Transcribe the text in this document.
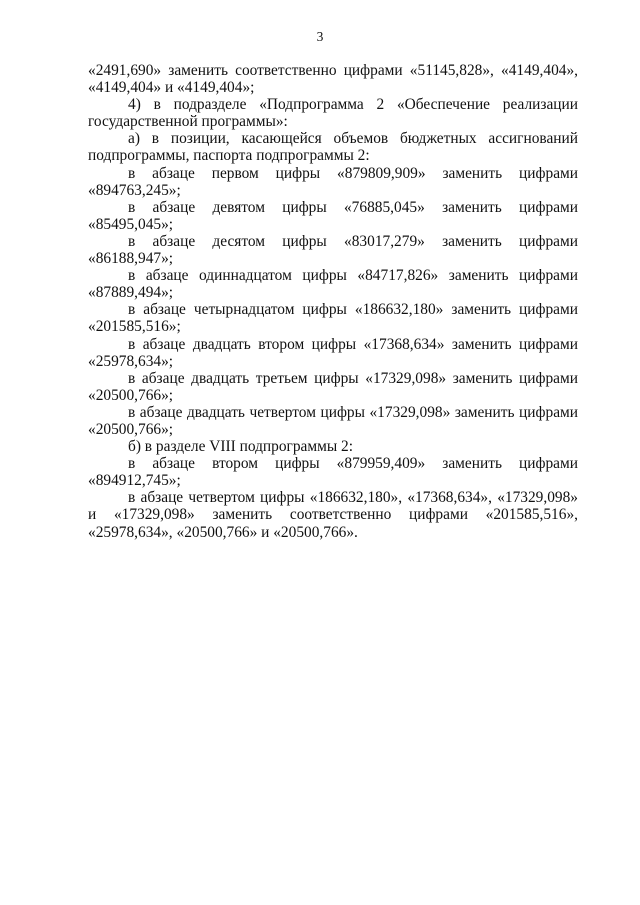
3

«2491,690» заменить соответственно цифрами «51145,828», «4149,404», «4149,404» и «4149,404»;

4) в подразделе «Подпрограмма 2 «Обеспечение реализации государственной программы»:

а) в позиции, касающейся объемов бюджетных ассигнований подпрограммы, паспорта подпрограммы 2:

в абзаце первом цифры «879809,909» заменить цифрами «894763,245»;

в абзаце девятом цифры «76885,045» заменить цифрами «85495,045»;

в абзаце десятом цифры «83017,279» заменить цифрами «86188,947»;

в абзаце одиннадцатом цифры «84717,826» заменить цифрами «87889,494»;

в абзаце четырнадцатом цифры «186632,180» заменить цифрами «201585,516»;

в абзаце двадцать втором цифры «17368,634» заменить цифрами «25978,634»;

в абзаце двадцать третьем цифры «17329,098» заменить цифрами «20500,766»;

в абзаце двадцать четвертом цифры «17329,098» заменить цифрами «20500,766»;

б) в разделе VIII подпрограммы 2:

в абзаце втором цифры «879959,409» заменить цифрами «894912,745»;

в абзаце четвертом цифры «186632,180», «17368,634», «17329,098» и «17329,098» заменить соответственно цифрами «201585,516», «25978,634», «20500,766» и «20500,766».
